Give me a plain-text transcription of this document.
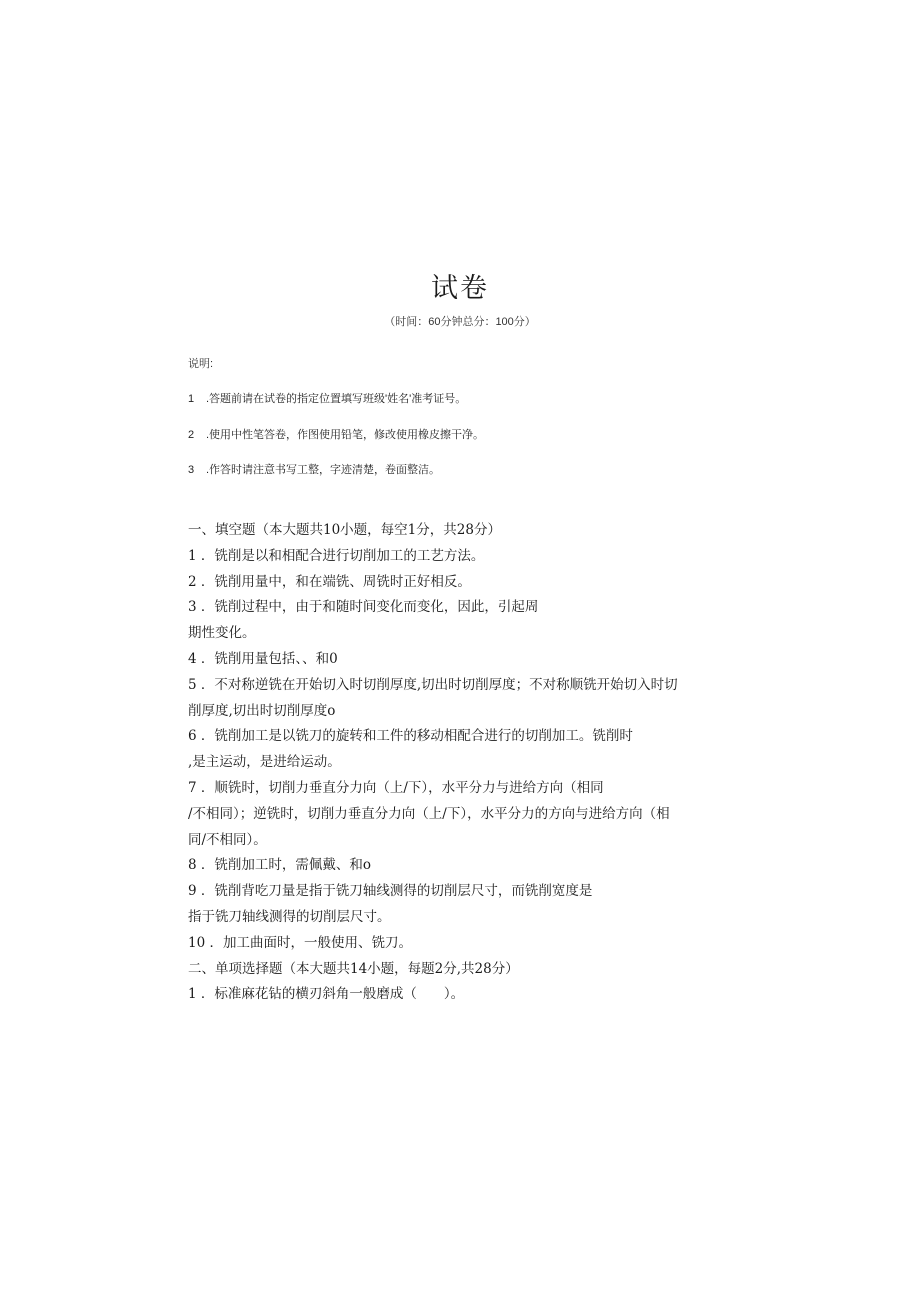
试卷
（时间：60分钟总分：100分）
说明:
1 .答题前请在试卷的指定位置填写班级'姓名'准考证号。
2 .使用中性笔答卷，作图使用铅笔，修改使用橡皮擦干净。
3 .作答时请注意书写工整，字迹清楚，卷面整洁。
一、填空题（本大题共10小题，每空1分，共28分）
1 ．铣削是以和相配合进行切削加工的工艺方法。
2 ．铣削用量中，和在端铣、周铣时正好相反。
3 ．铣削过程中，由于和随时间变化而变化，因此，引起周
期性变化。
4 ．铣削用量包括、、和0
5 ．不对称逆铣在开始切入时切削厚度,切出时切削厚度；不对称顺铣开始切入时切
削厚度,切出时切削厚度o
6 ．铣削加工是以铣刀的旋转和工件的移动相配合进行的切削加工。铣削时
,是主运动，是进给运动。
7 ．顺铣时，切削力垂直分力向（上/下），水平分力与进给方向（相同
/不相同）；逆铣时，切削力垂直分力向（上/下），水平分力的方向与进给方向（相
同/不相同）。
8 ．铣削加工时，需佩戴、和o
9 ．铣削背吃刀量是指于铣刀轴线测得的切削层尺寸，而铣削宽度是
指于铣刀轴线测得的切削层尺寸。
10 ．加工曲面时，一般使用、铣刀。
二、单项选择题（本大题共14小题，每题2分,共28分）
1 ．标准麻花钻的横刃斜角一般磨成（　　）。
